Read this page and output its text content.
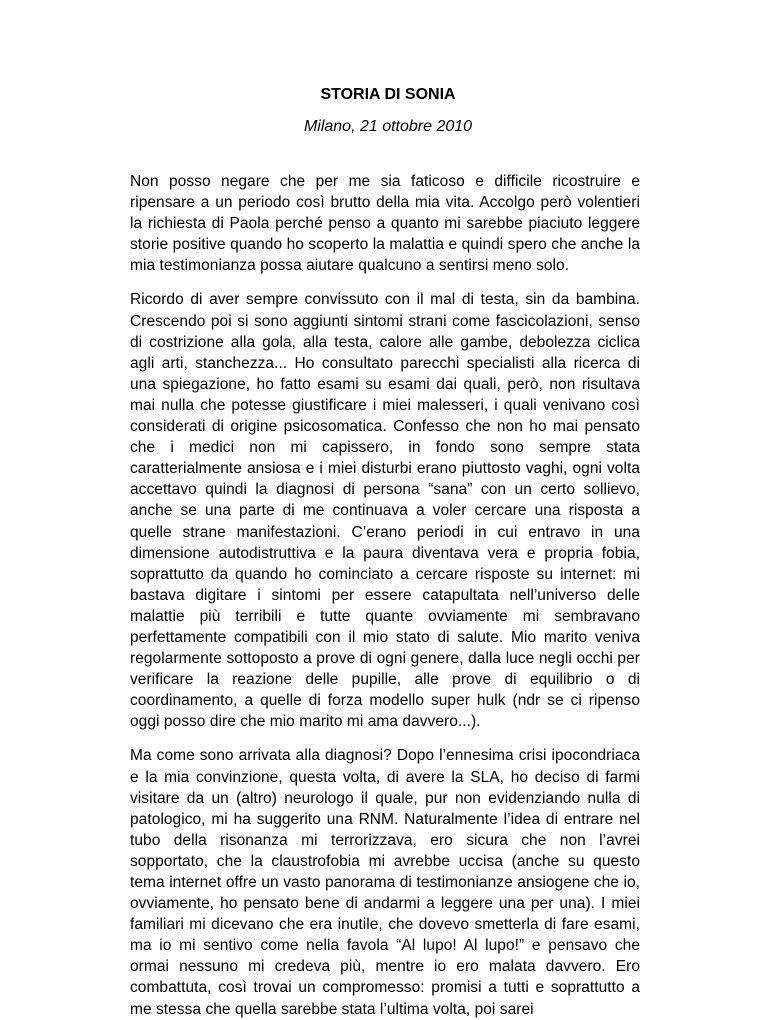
STORIA DI SONIA

Milano, 21 ottobre 2010

Non posso negare che per me sia faticoso e difficile ricostruire e ripensare a un periodo così brutto della mia vita. Accolgo però volentieri la richiesta di Paola perché penso a quanto mi sarebbe piaciuto leggere storie positive quando ho scoperto la malattia e quindi spero che anche la mia testimonianza possa aiutare qualcuno a sentirsi meno solo.

Ricordo di aver sempre convissuto con il mal di testa, sin da bambina. Crescendo poi si sono aggiunti sintomi strani come fascicolazioni, senso di costrizione alla gola, alla testa, calore alle gambe, debolezza ciclica agli arti, stanchezza... Ho consultato parecchi specialisti alla ricerca di una spiegazione, ho fatto esami su esami dai quali, però, non risultava mai nulla che potesse giustificare i miei malesseri, i quali venivano così considerati di origine psicosomatica. Confesso che non ho mai pensato che i medici non mi capissero, in fondo sono sempre stata caratterialmente ansiosa e i miei disturbi erano piuttosto vaghi, ogni volta accettavo quindi la diagnosi di persona “sana” con un certo sollievo, anche se una parte di me continuava a voler cercare una risposta a quelle strane manifestazioni. C’erano periodi in cui entravo in una dimensione autodistruttiva e la paura diventava vera e propria fobia, soprattutto da quando ho cominciato a cercare risposte su internet: mi bastava digitare i sintomi per essere catapultata nell’universo delle malattie più terribili e tutte quante ovviamente mi sembravano perfettamente compatibili con il mio stato di salute. Mio marito veniva regolarmente sottoposto a prove di ogni genere, dalla luce negli occhi per verificare la reazione delle pupille, alle prove di equilibrio o di coordinamento, a quelle di forza modello super hulk (ndr se ci ripenso oggi posso dire che mio marito mi ama davvero...).

Ma come sono arrivata alla diagnosi? Dopo l’ennesima crisi ipocondriaca e la mia convinzione, questa volta, di avere la SLA, ho deciso di farmi visitare da un (altro) neurologo il quale, pur non evidenziando nulla di patologico, mi ha suggerito una RNM. Naturalmente l’idea di entrare nel tubo della risonanza mi terrorizzava, ero sicura che non l’avrei sopportato, che la claustrofobia mi avrebbe uccisa (anche su questo tema internet offre un vasto panorama di testimonianze ansiogene che io, ovviamente, ho pensato bene di andarmi a leggere una per una). I miei familiari mi dicevano che era inutile, che dovevo smetterla di fare esami, ma io mi sentivo come nella favola “Al lupo! Al lupo!” e pensavo che ormai nessuno mi credeva più, mentre io ero malata davvero. Ero combattuta, così trovai un compromesso: promisi a tutti e soprattutto a me stessa che quella sarebbe stata l’ultima volta, poi sarei
